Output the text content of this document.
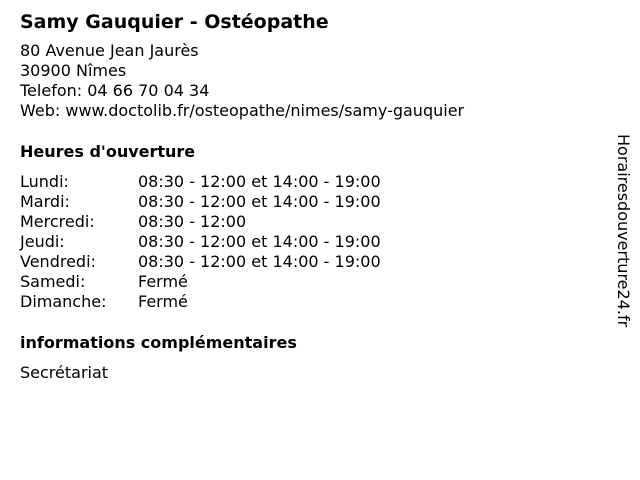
Samy Gauquier - Ostéopathe
80 Avenue Jean Jaurès
30900 Nîmes
Telefon: 04 66 70 04 34
Web: www.doctolib.fr/osteopathe/nimes/samy-gauquier
Heures d'ouverture
Lundi:	08:30 - 12:00 et 14:00 - 19:00
Mardi:	08:30 - 12:00 et 14:00 - 19:00
Mercredi:	08:30 - 12:00
Jeudi:	08:30 - 12:00 et 14:00 - 19:00
Vendredi:	08:30 - 12:00 et 14:00 - 19:00
Samedi:	Fermé
Dimanche:	Fermé
informations complémentaires
Secrétariat
Horairesdouverture24.fr
